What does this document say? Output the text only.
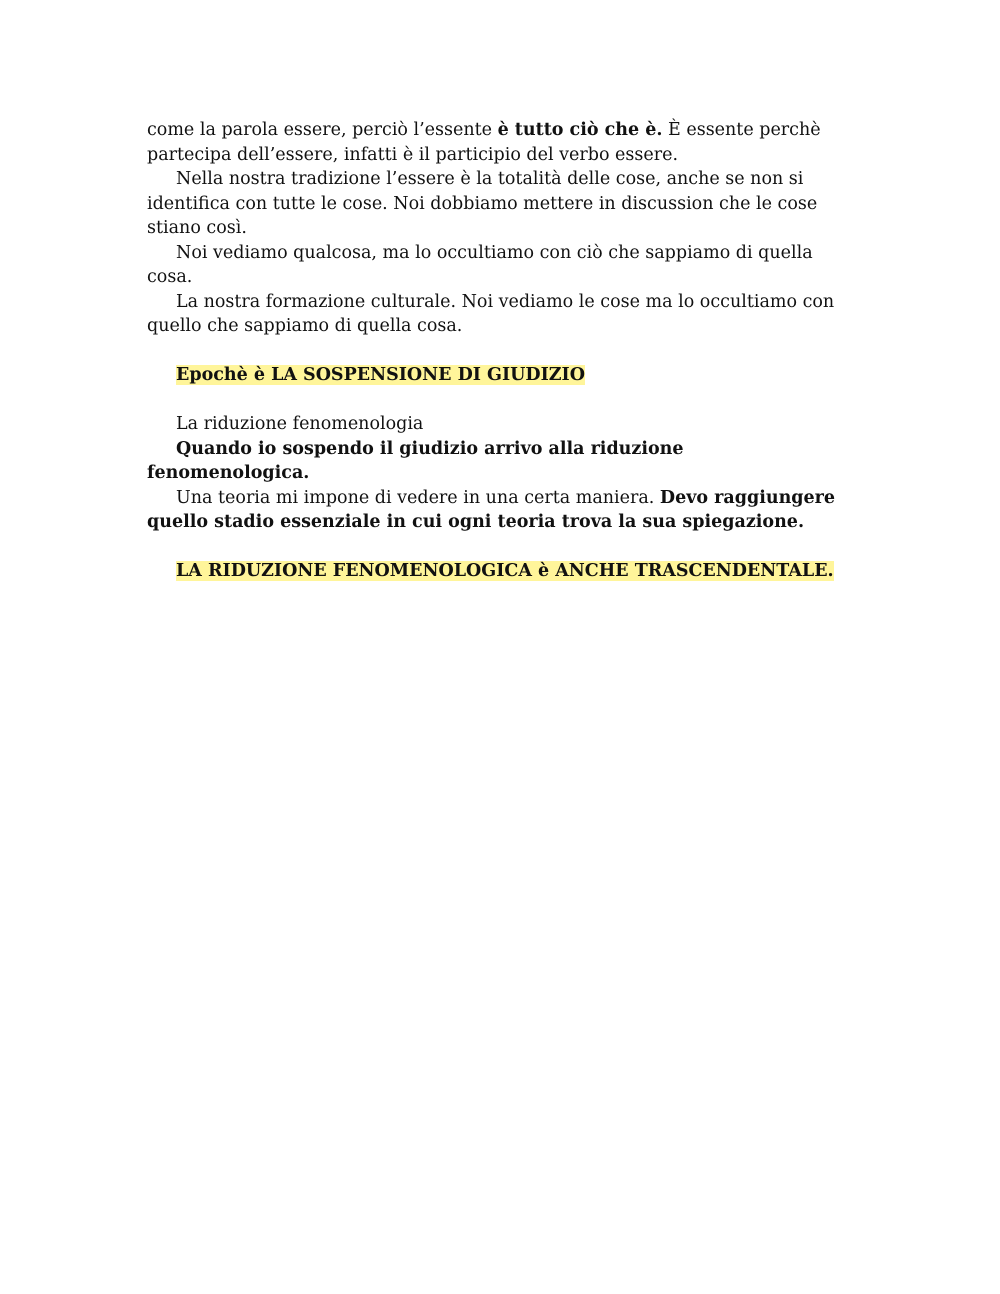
come la parola essere, perciò l’essente è tutto ciò che è. È essente perchè partecipa dell’essere, infatti è il participio del verbo essere.

Nella nostra tradizione l’essere è la totalità delle cose, anche se non si identifica con tutte le cose. Noi dobbiamo mettere in discussion che le cose stiano così.

Noi vediamo qualcosa, ma lo occultiamo con ciò che sappiamo di quella cosa.

La nostra formazione culturale. Noi vediamo le cose ma lo occultiamo con quello che sappiamo di quella cosa.

Epochè è LA SOSPENSIONE DI GIUDIZIO

La riduzione fenomenologia

Quando io sospendo il giudizio arrivo alla riduzione fenomenologica.

Una teoria mi impone di vedere in una certa maniera. Devo raggiungere quello stadio essenziale in cui ogni teoria trova la sua spiegazione.

LA RIDUZIONE FENOMENOLOGICA è ANCHE TRASCENDENTALE.
